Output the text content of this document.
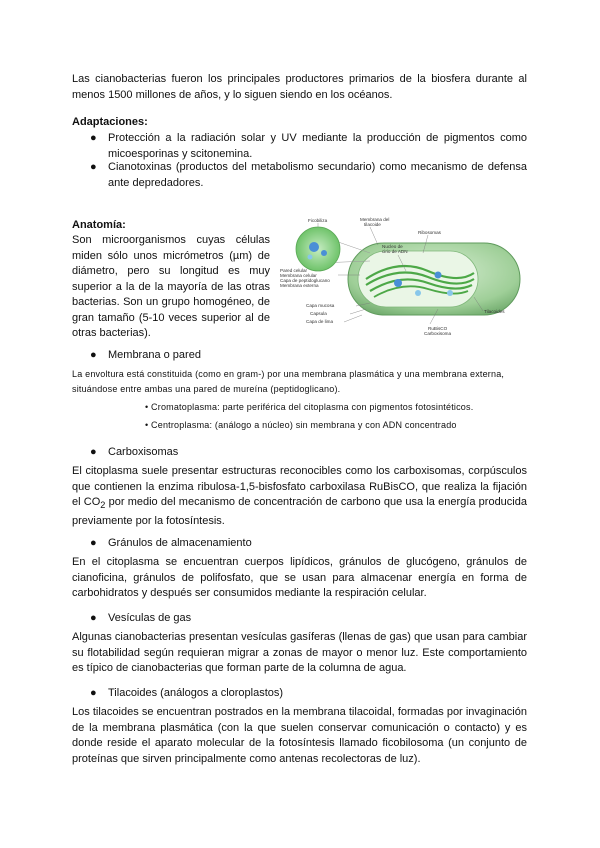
Las cianobacterias fueron los principales productores primarios de la biosfera durante al menos 1500 millones de años, y lo siguen siendo en los océanos.
Adaptaciones:
● Protección a la radiación solar y UV mediante la producción de pigmentos como micoesporinas y scitonemina.
● Cianotoxinas (productos del metabolismo secundario) como mecanismo de defensa ante depredadores.
Anatomía:
Son microorganismos cuyas células miden sólo unos micrómetros (µm) de diámetro, pero su longitud es muy superior a la de la mayoría de las otras bacterias. Son un grupo homogéneo, de gran tamaño (5-10 veces superior al de otras bacterias).
Ficobiliza	Membrana del
tilacoide
Ribosomas
Nucleo de
cirio de ADN
Pared celular
Membrana celular
Capa de peptidoglucano
Membrana externa
Tilacoides
Capa mucosa
Capsula
Capa de lima
RuBisCO
Carboxisoma
● Membrana o pared
La envoltura está constituida (como en gram-) por una membrana plasmática y una membrana externa, situándose entre ambas una pared de mureína (peptidoglicano).
• Cromatoplasma: parte periférica del citoplasma con pigmentos fotosintéticos.
• Centroplasma: (análogo a núcleo) sin membrana y con ADN concentrado
● Carboxisomas
El citoplasma suele presentar estructuras reconocibles como los carboxisomas, corpúsculos que contienen la enzima ribulosa-1,5-bisfosfato carboxilasa RuBisCO, que realiza la fijación el $CO_2$ por medio del mecanismo de concentración de carbono que usa la energía producida previamente por la fotosíntesis.
● Gránulos de almacenamiento
En el citoplasma se encuentran cuerpos lipídicos, gránulos de glucógeno, gránulos de cianoficina, gránulos de polifosfato, que se usan para almacenar energía en forma de carbohidratos y después ser consumidos mediante la respiración celular.
● Vesículas de gas
Algunas cianobacterias presentan vesículas gasíferas (llenas de gas) que usan para cambiar su flotabilidad según requieran migrar a zonas de mayor o menor luz. Este comportamiento es típico de cianobacterias que forman parte de la columna de agua.
● Tilacoides (análogos a cloroplastos)
Los tilacoides se encuentran postrados en la membrana tilacoidal, formadas por invaginación de la membrana plasmática (con la que suelen conservar comunicación o contacto) y es donde reside el aparato molecular de la fotosíntesis llamado ficobilosoma (un conjunto de proteínas que sirven principalmente como antenas recolectoras de luz).
